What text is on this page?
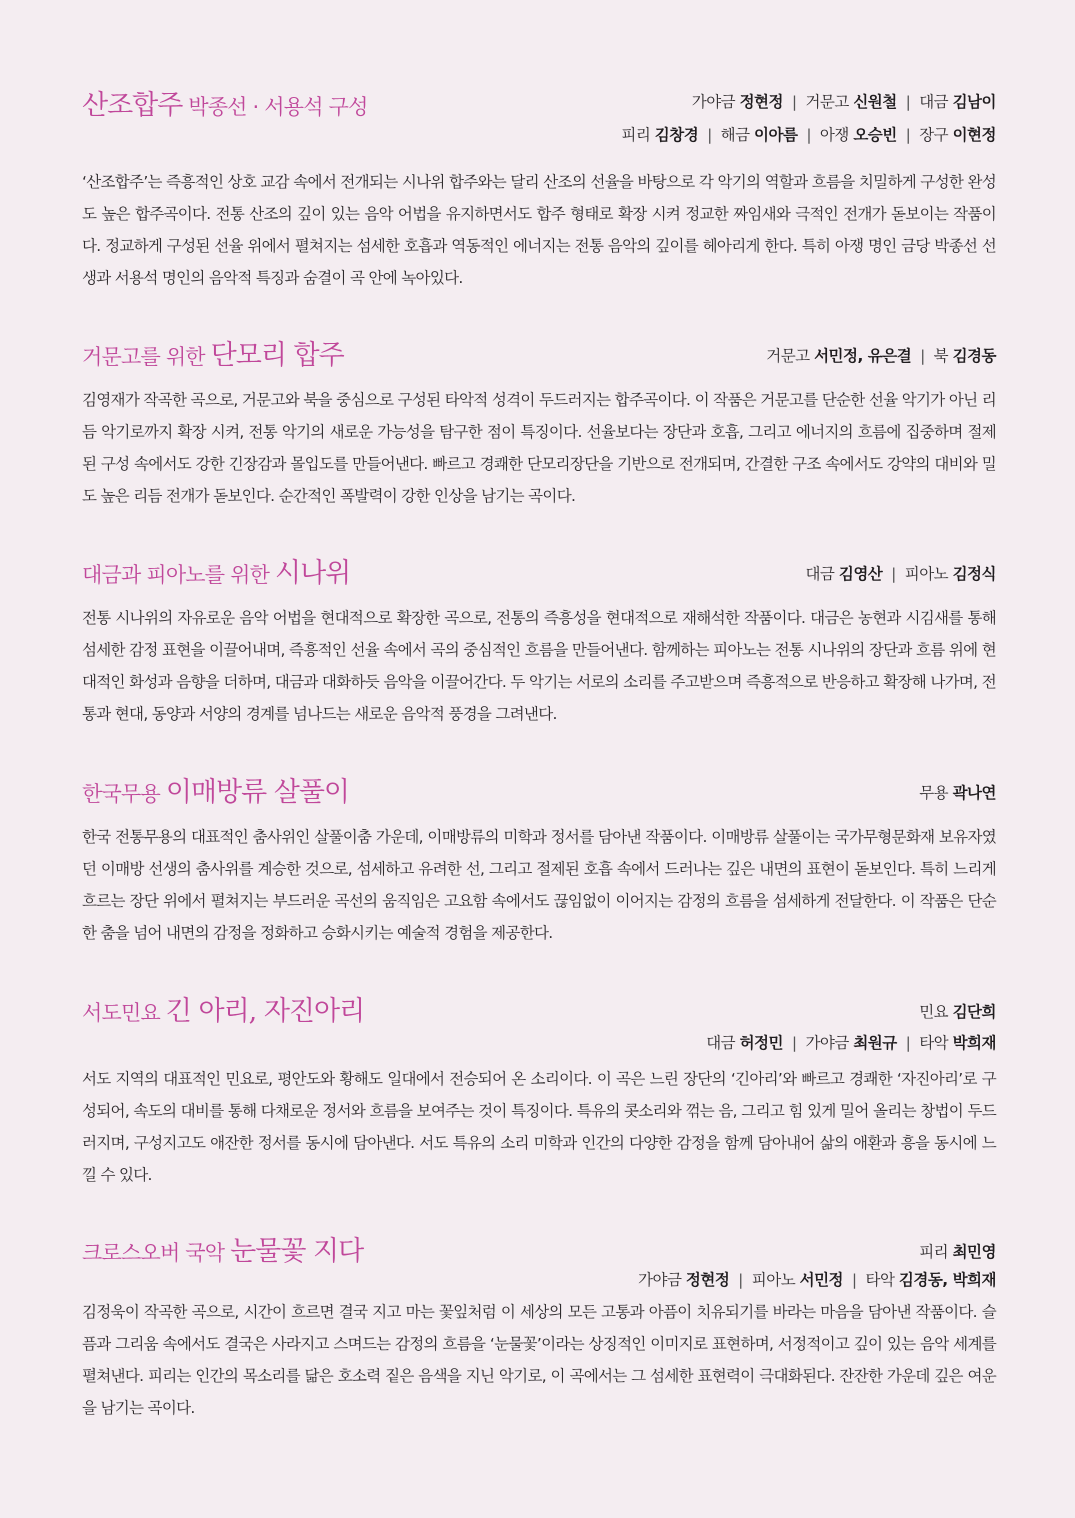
산조합주 박종선 · 서용석 구성	가야금 정현정  |  거문고 신원철  |  대금 김남이
피리 김창경  |  해금 이아름  |  아쟁 오승빈  |  장구 이현정

‘산조합주’는 즉흥적인 상호 교감 속에서 전개되는 시나위 합주와는 달리 산조의 선율을 바탕으로 각 악기의 역할과 흐름을 치밀하게 구성한 완성도 높은 합주곡이다. 전통 산조의 깊이 있는 음악 어법을 유지하면서도 합주 형태로 확장 시켜 정교한 짜임새와 극적인 전개가 돋보이는 작품이다. 정교하게 구성된 선율 위에서 펼쳐지는 섬세한 호흡과 역동적인 에너지는 전통 음악의 깊이를 헤아리게 한다. 특히 아쟁 명인 금당 박종선 선생과 서용석 명인의 음악적 특징과 숨결이 곡 안에 녹아있다.

거문고를 위한 단모리 합주	거문고 서민정, 유은결  |  북 김경동

김영재가 작곡한 곡으로, 거문고와 북을 중심으로 구성된 타악적 성격이 두드러지는 합주곡이다. 이 작품은 거문고를 단순한 선율 악기가 아닌 리듬 악기로까지 확장 시켜, 전통 악기의 새로운 가능성을 탐구한 점이 특징이다. 선율보다는 장단과 호흡, 그리고 에너지의 흐름에 집중하며 절제된 구성 속에서도 강한 긴장감과 몰입도를 만들어낸다. 빠르고 경쾌한 단모리장단을 기반으로 전개되며, 간결한 구조 속에서도 강약의 대비와 밀도 높은 리듬 전개가 돋보인다. 순간적인 폭발력이 강한 인상을 남기는 곡이다.

대금과 피아노를 위한 시나위	대금 김영산  |  피아노 김정식

전통 시나위의 자유로운 음악 어법을 현대적으로 확장한 곡으로, 전통의 즉흥성을 현대적으로 재해석한 작품이다. 대금은 농현과 시김새를 통해 섬세한 감정 표현을 이끌어내며, 즉흥적인 선율 속에서 곡의 중심적인 흐름을 만들어낸다. 함께하는 피아노는 전통 시나위의 장단과 흐름 위에 현대적인 화성과 음향을 더하며, 대금과 대화하듯 음악을 이끌어간다. 두 악기는 서로의 소리를 주고받으며 즉흥적으로 반응하고 확장해 나가며, 전통과 현대, 동양과 서양의 경계를 넘나드는 새로운 음악적 풍경을 그려낸다.

한국무용 이매방류 살풀이	무용 곽나연

한국 전통무용의 대표적인 춤사위인 살풀이춤 가운데, 이매방류의 미학과 정서를 담아낸 작품이다. 이매방류 살풀이는 국가무형문화재 보유자였던 이매방 선생의 춤사위를 계승한 것으로, 섬세하고 유려한 선, 그리고 절제된 호흡 속에서 드러나는 깊은 내면의 표현이 돋보인다. 특히 느리게 흐르는 장단 위에서 펼쳐지는 부드러운 곡선의 움직임은 고요함 속에서도 끊임없이 이어지는 감정의 흐름을 섬세하게 전달한다. 이 작품은 단순한 춤을 넘어 내면의 감정을 정화하고 승화시키는 예술적 경험을 제공한다.

서도민요 긴 아리, 자진아리	민요 김단희
대금 허정민  |  가야금 최원규  |  타악 박희재

서도 지역의 대표적인 민요로, 평안도와 황해도 일대에서 전승되어 온 소리이다. 이 곡은 느린 장단의 ‘긴아리’와 빠르고 경쾌한 ‘자진아리’로 구성되어, 속도의 대비를 통해 다채로운 정서와 흐름을 보여주는 것이 특징이다. 특유의 콧소리와 꺾는 음, 그리고 힘 있게 밀어 올리는 창법이 두드러지며, 구성지고도 애잔한 정서를 동시에 담아낸다. 서도 특유의 소리 미학과 인간의 다양한 감정을 함께 담아내어 삶의 애환과 흥을 동시에 느낄 수 있다.

크로스오버 국악 눈물꽃 지다	피리 최민영
가야금 정현정  |  피아노 서민정  |  타악 김경동, 박희재

김정욱이 작곡한 곡으로, 시간이 흐르면 결국 지고 마는 꽃잎처럼 이 세상의 모든 고통과 아픔이 치유되기를 바라는 마음을 담아낸 작품이다. 슬픔과 그리움 속에서도 결국은 사라지고 스며드는 감정의 흐름을 ‘눈물꽃’이라는 상징적인 이미지로 표현하며, 서정적이고 깊이 있는 음악 세계를 펼쳐낸다. 피리는 인간의 목소리를 닮은 호소력 짙은 음색을 지닌 악기로, 이 곡에서는 그 섬세한 표현력이 극대화된다. 잔잔한 가운데 깊은 여운을 남기는 곡이다.
